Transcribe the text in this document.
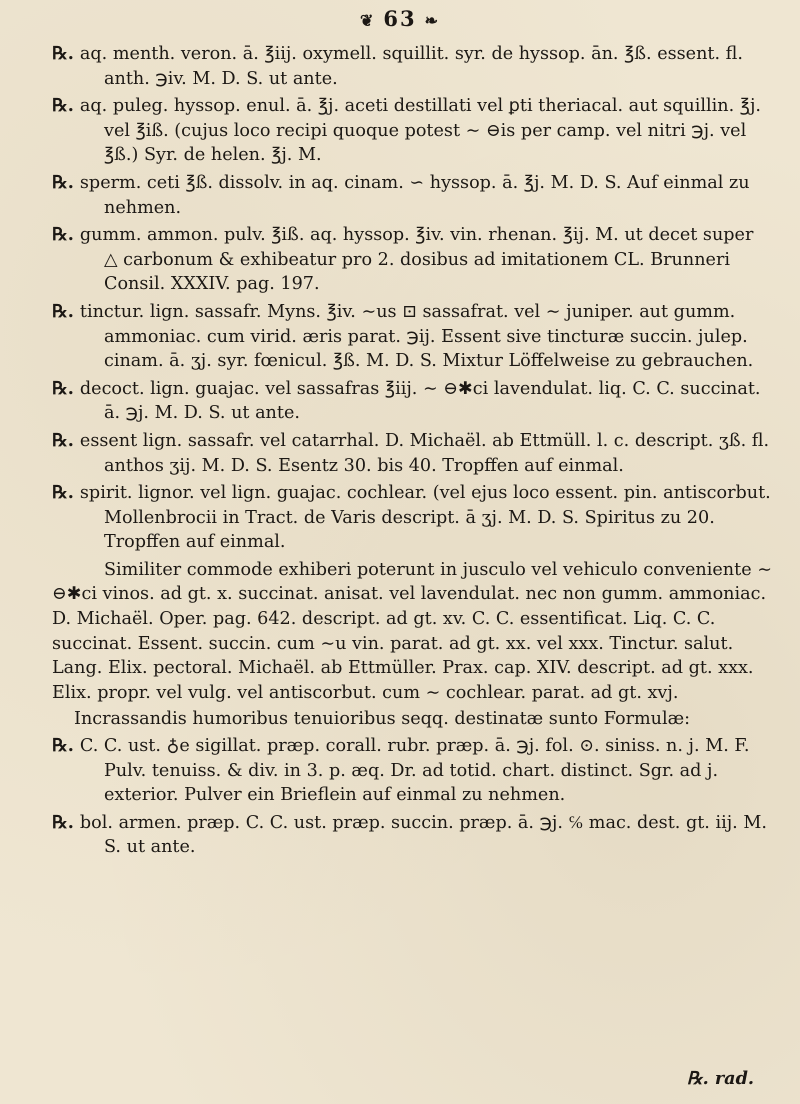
❦ 63 ❧
℞. aq. menth. veron. ā. ℥iij. oxymell. squillit. syr. de hyssop. ān. ℥ß. essent. fl. anth. ℈iv. M. D. S. ut ante.
℞. aq. puleg. hyssop. enul. ā. ℥j. aceti destillati vel ꝑti theriacal. aut squillin. ℥j. vel ℥iß. (cujus loco recipi quoque potest ∼ ⊖is per camp. vel nitri ℈j. vel ℥ß.) Syr. de helen. ℥j. M.
℞. sperm. ceti ℥ß. dissolv. in aq. cinam. ∽ hyssop. ā. ℥j. M. D. S. Auf einmal zu nehmen.
℞. gumm. ammon. pulv. ℥iß. aq. hyssop. ℥iv. vin. rhenan. ℥ij. M. ut decet super △ carbonum & exhibeatur pro 2. dosibus ad imitationem CL. Brunneri Consil. XXXIV. pag. 197.
℞. tinctur. lign. sassafr. Myns. ℥iv. ∼us ⊡ sassafrat. vel ∼ juniper. aut gumm. ammoniac. cum virid. æris parat. ℈ij. Essent sive tincturæ succin. julep. cinam. ā. ʒj. syr. fœnicul. ℥ß. M. D. S. Mixtur Löffelweise zu gebrauchen.
℞. decoct. lign. guajac. vel sassafras ℥iij. ∼ ⊖✱ci lavendulat. liq. C. C. succinat. ā. ℈j. M. D. S. ut ante.
℞. essent lign. sassafr. vel catarrhal. D. Michaël. ab Ettmüll. l. c. descript. ʒß. fl. anthos ʒij. M. D. S. Esentz 30. bis 40. Tropffen auf einmal.
℞. spirit. lignor. vel lign. guajac. cochlear. (vel ejus loco essent. pin. antiscorbut. Mollenbrocii in Tract. de Varis descript. ā ʒj. M. D. S. Spiritus zu 20. Tropffen auf einmal.

Similiter commode exhiberi poterunt in jusculo vel vehiculo conveniente ∼ ⊖✱ci vinos. ad gt. x. succinat. anisat. vel lavendulat. nec non gumm. ammoniac. D. Michaël. Oper. pag. 642. descript. ad gt. xv. C. C. essentificat. Liq. C. C. succinat. Essent. succin. cum ∼u vin. parat. ad gt. xx. vel xxx. Tinctur. salut. Lang. Elix. pectoral. Michaël. ab Ettmüller. Prax. cap. XIV. descript. ad gt. xxx. Elix. propr. vel vulg. vel antiscorbut. cum ∼ cochlear. parat. ad gt. xvj.

Incrassandis humoribus tenuioribus seqq. destinatæ sunto Formulæ:

℞. C. C. ust. ♁e sigillat. præp. corall. rubr. præp. ā. ℈j. fol. ⊙. siniss. n. j. M. F. Pulv. tenuiss. & div. in 3. p. æq. Dr. ad totid. chart. distinct. Sgr. ad j. exterior. Pulver ein Brieflein auf einmal zu nehmen.
℞. bol. armen. præp. C. C. ust. præp. succin. præp. ā. ℈j. ℅ mac. dest. gt. iij. M. S. ut ante.
℞. rad.
